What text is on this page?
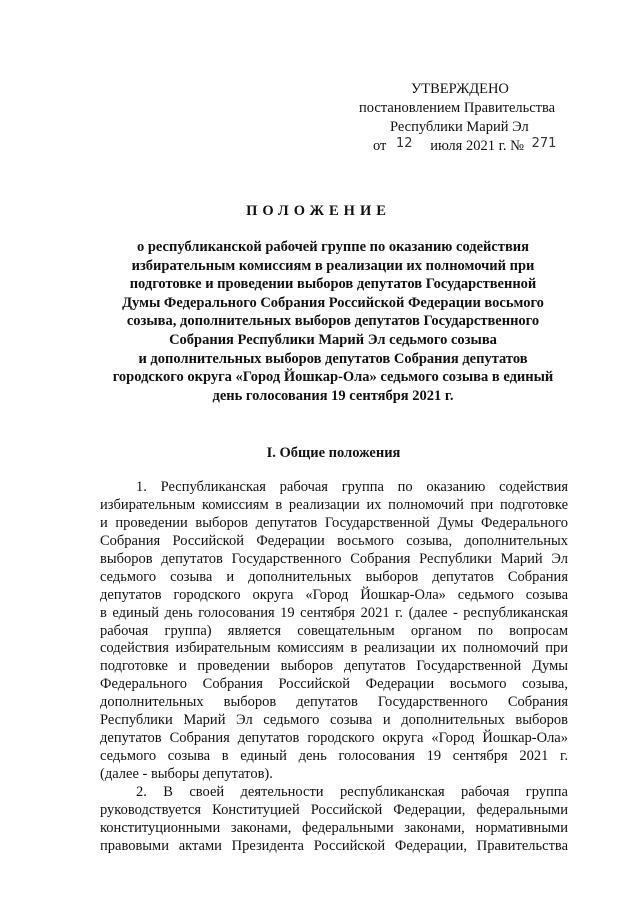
УТВЕРЖДЕНО
постановлением Правительства
Республики Марий Эл
от 12 июля 2021 г. № 271
ПОЛОЖЕНИЕ
о республиканской рабочей группе по оказанию содействия
избирательным комиссиям в реализации их полномочий при
подготовке и проведении выборов депутатов Государственной
Думы Федерального Собрания Российской Федерации восьмого
созыва, дополнительных выборов депутатов Государственного
Собрания Республики Марий Эл седьмого созыва
и дополнительных выборов депутатов Собрания депутатов
городского округа «Город Йошкар-Ола» седьмого созыва в единый
день голосования 19 сентября 2021 г.
I. Общие положения
1. Республиканская рабочая группа по оказанию содействия
избирательным комиссиям в реализации их полномочий при подготовке
и проведении выборов депутатов Государственной Думы Федерального
Собрания Российской Федерации восьмого созыва, дополнительных
выборов депутатов Государственного Собрания Республики Марий Эл
седьмого созыва и дополнительных выборов депутатов Собрания
депутатов городского округа «Город Йошкар-Ола» седьмого созыва
в единый день голосования 19 сентября 2021 г. (далее - республиканская
рабочая группа) является совещательным органом по вопросам
содействия избирательным комиссиям в реализации их полномочий при
подготовке и проведении выборов депутатов Государственной Думы
Федерального Собрания Российской Федерации восьмого созыва,
дополнительных выборов депутатов Государственного Собрания
Республики Марий Эл седьмого созыва и дополнительных выборов
депутатов Собрания депутатов городского округа «Город Йошкар-Ола»
седьмого созыва в единый день голосования 19 сентября 2021 г.
(далее - выборы депутатов).
2. В своей деятельности республиканская рабочая группа
руководствуется Конституцией Российской Федерации, федеральными
конституционными законами, федеральными законами, нормативными
правовыми актами Президента Российской Федерации, Правительства
